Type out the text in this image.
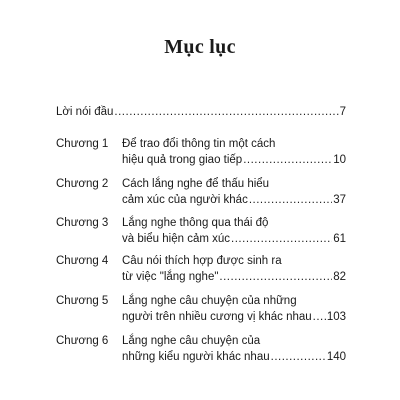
Mục lục
Lời nói đầu .....	7
Chương 1	Để trao đổi thông tin một cách
hiệu quả trong giao tiếp .....	10
Chương 2	Cách lắng nghe để thấu hiểu
cảm xúc của người khác .....	37
Chương 3	Lắng nghe thông qua thái độ
và biểu hiện cảm xúc .....	61
Chương 4	Câu nói thích hợp được sinh ra
từ việc "lắng nghe" .....	82
Chương 5	Lắng nghe câu chuyện của những
người trên nhiều cương vị khác nhau ..... 103
Chương 6	Lắng nghe câu chuyện của
những kiểu người khác nhau .....	140
